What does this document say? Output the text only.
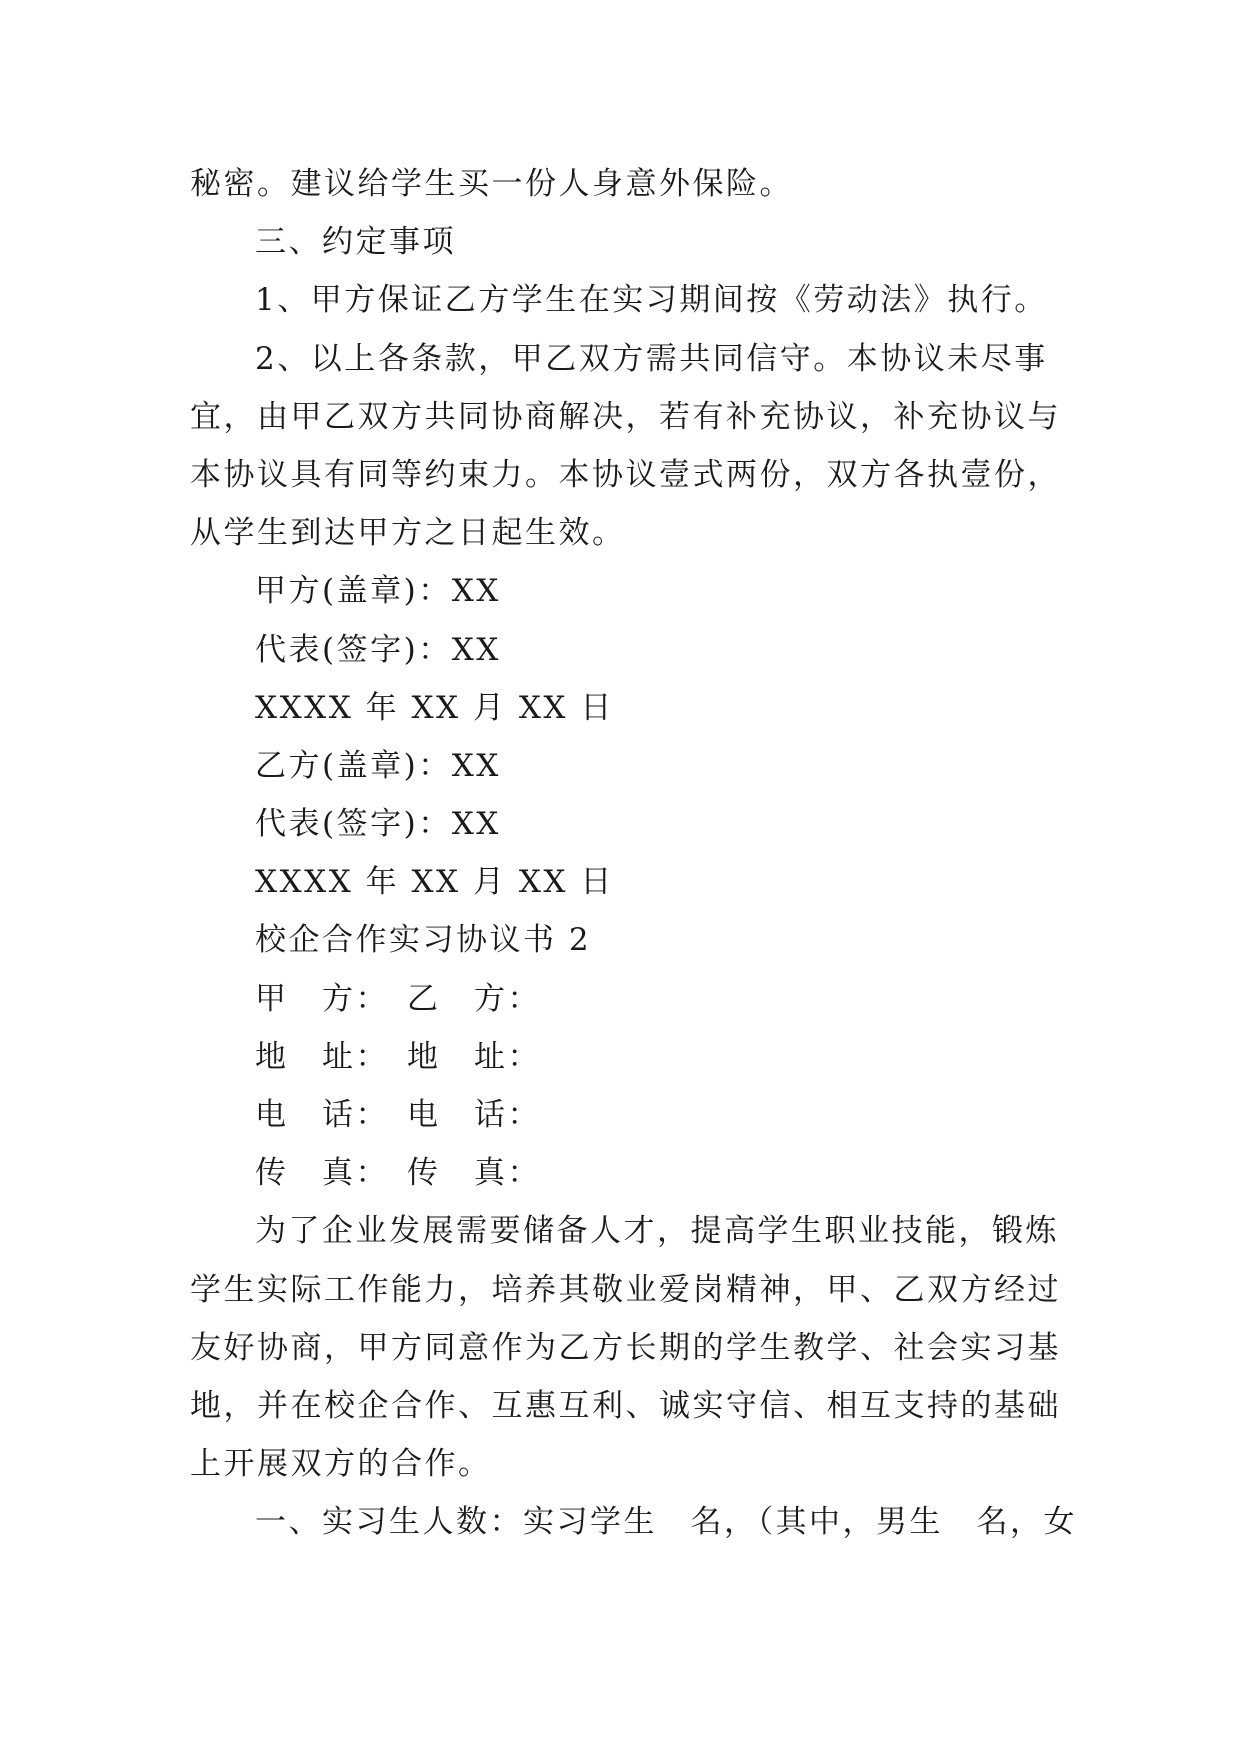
秘密。建议给学生买一份人身意外保险。
三、约定事项
1、甲方保证乙方学生在实习期间按《劳动法》执行。
2、以上各条款，甲乙双方需共同信守。本协议未尽事
宜，由甲乙双方共同协商解决，若有补充协议，补充协议与
本协议具有同等约束力。本协议壹式两份，双方各执壹份，
从学生到达甲方之日起生效。
甲方(盖章)：XX
代表(签字)：XX
XXXX 年 XX 月 XX 日
乙方(盖章)：XX
代表(签字)：XX
XXXX 年 XX 月 XX 日
校企合作实习协议书 2
甲　方：　乙　方：
地　址：　地　址：
电　话：　电　话：
传　真：　传　真：
为了企业发展需要储备人才，提高学生职业技能，锻炼
学生实际工作能力，培养其敬业爱岗精神，甲、乙双方经过
友好协商，甲方同意作为乙方长期的学生教学、社会实习基
地，并在校企合作、互惠互利、诚实守信、相互支持的基础
上开展双方的合作。
一、实习生人数：实习学生　名，（其中，男生　名，女
